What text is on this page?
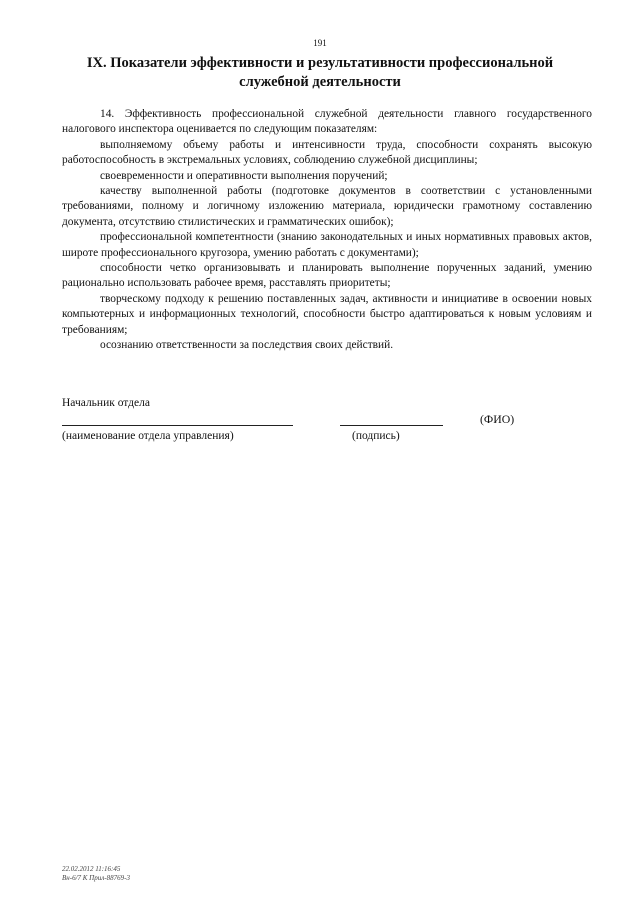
191
IX. Показатели эффективности и результативности профессиональной
служебной деятельности

14. Эффективность профессиональной служебной деятельности главного государственного налогового инспектора оценивается по следующим показателям:

выполняемому объему работы и интенсивности труда, способности сохранять высокую работоспособность в экстремальных условиях, соблюдению служебной дисциплины;

своевременности и оперативности выполнения поручений;

качеству выполненной работы (подготовке документов в соответствии с установленными требованиями, полному и логичному изложению материала, юридически грамотному составлению документа, отсутствию стилистических и грамматических ошибок);

профессиональной компетентности (знанию законодательных и иных нормативных правовых актов, широте профессионального кругозора, умению работать с документами);

способности четко организовывать и планировать выполнение порученных заданий, умению рационально использовать рабочее время, расставлять приоритеты;

творческому подходу к решению поставленных задач, активности и инициативе в освоении новых компьютерных и информационных технологий, способности быстро адаптироваться к новым условиям и требованиям;

осознанию ответственности за последствия своих действий.

Начальник отдела
(ФИО)
(наименование отдела управления)	(подпись)
22.02.2012 11:16:45
Вн-6/7 К Прил-88769-3
